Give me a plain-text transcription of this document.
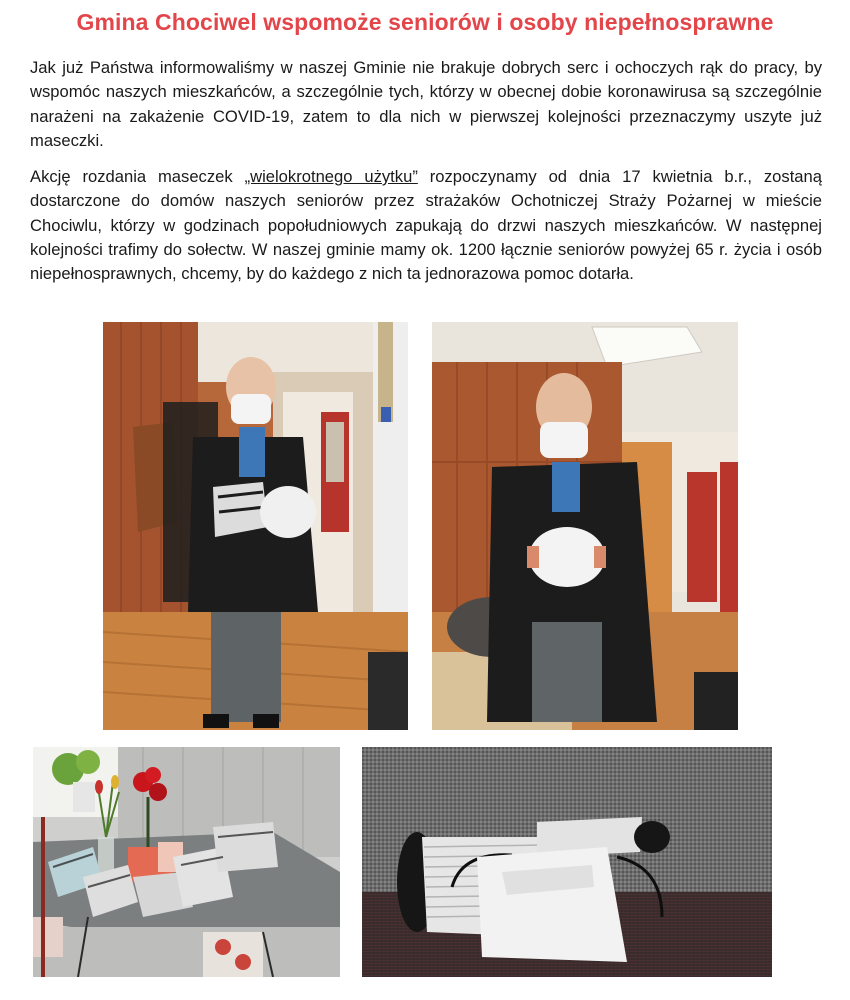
Gmina Chociwel wspomoże seniorów i osoby niepełnosprawne

Jak już Państwa informowaliśmy w naszej Gminie nie brakuje dobrych serc i ochoczych rąk do pracy, by wspomóc naszych mieszkańców, a szczególnie tych, którzy w obecnej dobie koronawirusa są szczególnie narażeni na zakażenie COVID-19, zatem to dla nich w pierwszej kolejności przeznaczymy uszyte już maseczki.

Akcję rozdania maseczek „wielokrotnego użytku” rozpoczynamy od dnia 17 kwietnia b.r., zostaną dostarczone do domów naszych seniorów przez strażaków Ochotniczej Straży Pożarnej w mieście Chociwlu, którzy w godzinach popołudniowych zapukają do drzwi naszych mieszkańców. W następnej kolejności trafimy do sołectw. W naszej gminie mamy ok. 1200 łącznie seniorów powyżej 65 r. życia i osób niepełnosprawnych, chcemy, by do każdego z nich ta jednorazowa pomoc dotarła.
